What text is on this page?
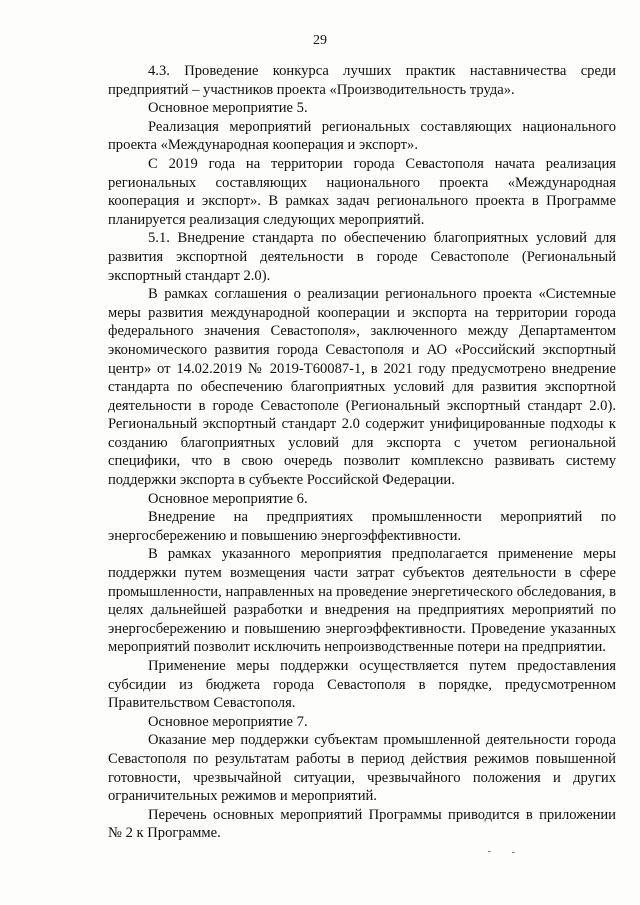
29

4.3. Проведение конкурса лучших практик наставничества среди предприятий – участников проекта «Производительность труда».

Основное мероприятие 5.

Реализация мероприятий региональных составляющих национального проекта «Международная кооперация и экспорт».

С 2019 года на территории города Севастополя начата реализация региональных составляющих национального проекта «Международная кооперация и экспорт». В рамках задач регионального проекта в Программе планируется реализация следующих мероприятий.

5.1. Внедрение стандарта по обеспечению благоприятных условий для развития экспортной деятельности в городе Севастополе (Региональный экспортный стандарт 2.0).

В рамках соглашения о реализации регионального проекта «Системные меры развития международной кооперации и экспорта на территории города федерального значения Севастополя», заключенного между Департаментом экономического развития города Севастополя и АО «Российский экспортный центр» от 14.02.2019 № 2019-Т60087-1, в 2021 году предусмотрено внедрение стандарта по обеспечению благоприятных условий для развития экспортной деятельности в городе Севастополе (Региональный экспортный стандарт 2.0). Региональный экспортный стандарт 2.0 содержит унифицированные подходы к созданию благоприятных условий для экспорта с учетом региональной специфики, что в свою очередь позволит комплексно развивать систему поддержки экспорта в субъекте Российской Федерации.

Основное мероприятие 6.

Внедрение на предприятиях промышленности мероприятий по энергосбережению и повышению энергоэффективности.

В рамках указанного мероприятия предполагается применение меры поддержки путем возмещения части затрат субъектов деятельности в сфере промышленности, направленных на проведение энергетического обследования, в целях дальнейшей разработки и внедрения на предприятиях мероприятий по энергосбережению и повышению энергоэффективности. Проведение указанных мероприятий позволит исключить непроизводственные потери на предприятии.

Применение меры поддержки осуществляется путем предоставления субсидии из бюджета города Севастополя в порядке, предусмотренном Правительством Севастополя.

Основное мероприятие 7.

Оказание мер поддержки субъектам промышленной деятельности города Севастополя по результатам работы в период действия режимов повышенной готовности, чрезвычайной ситуации, чрезвычайного положения и других ограничительных режимов и мероприятий.

Перечень основных мероприятий Программы приводится в приложении № 2 к Программе.
